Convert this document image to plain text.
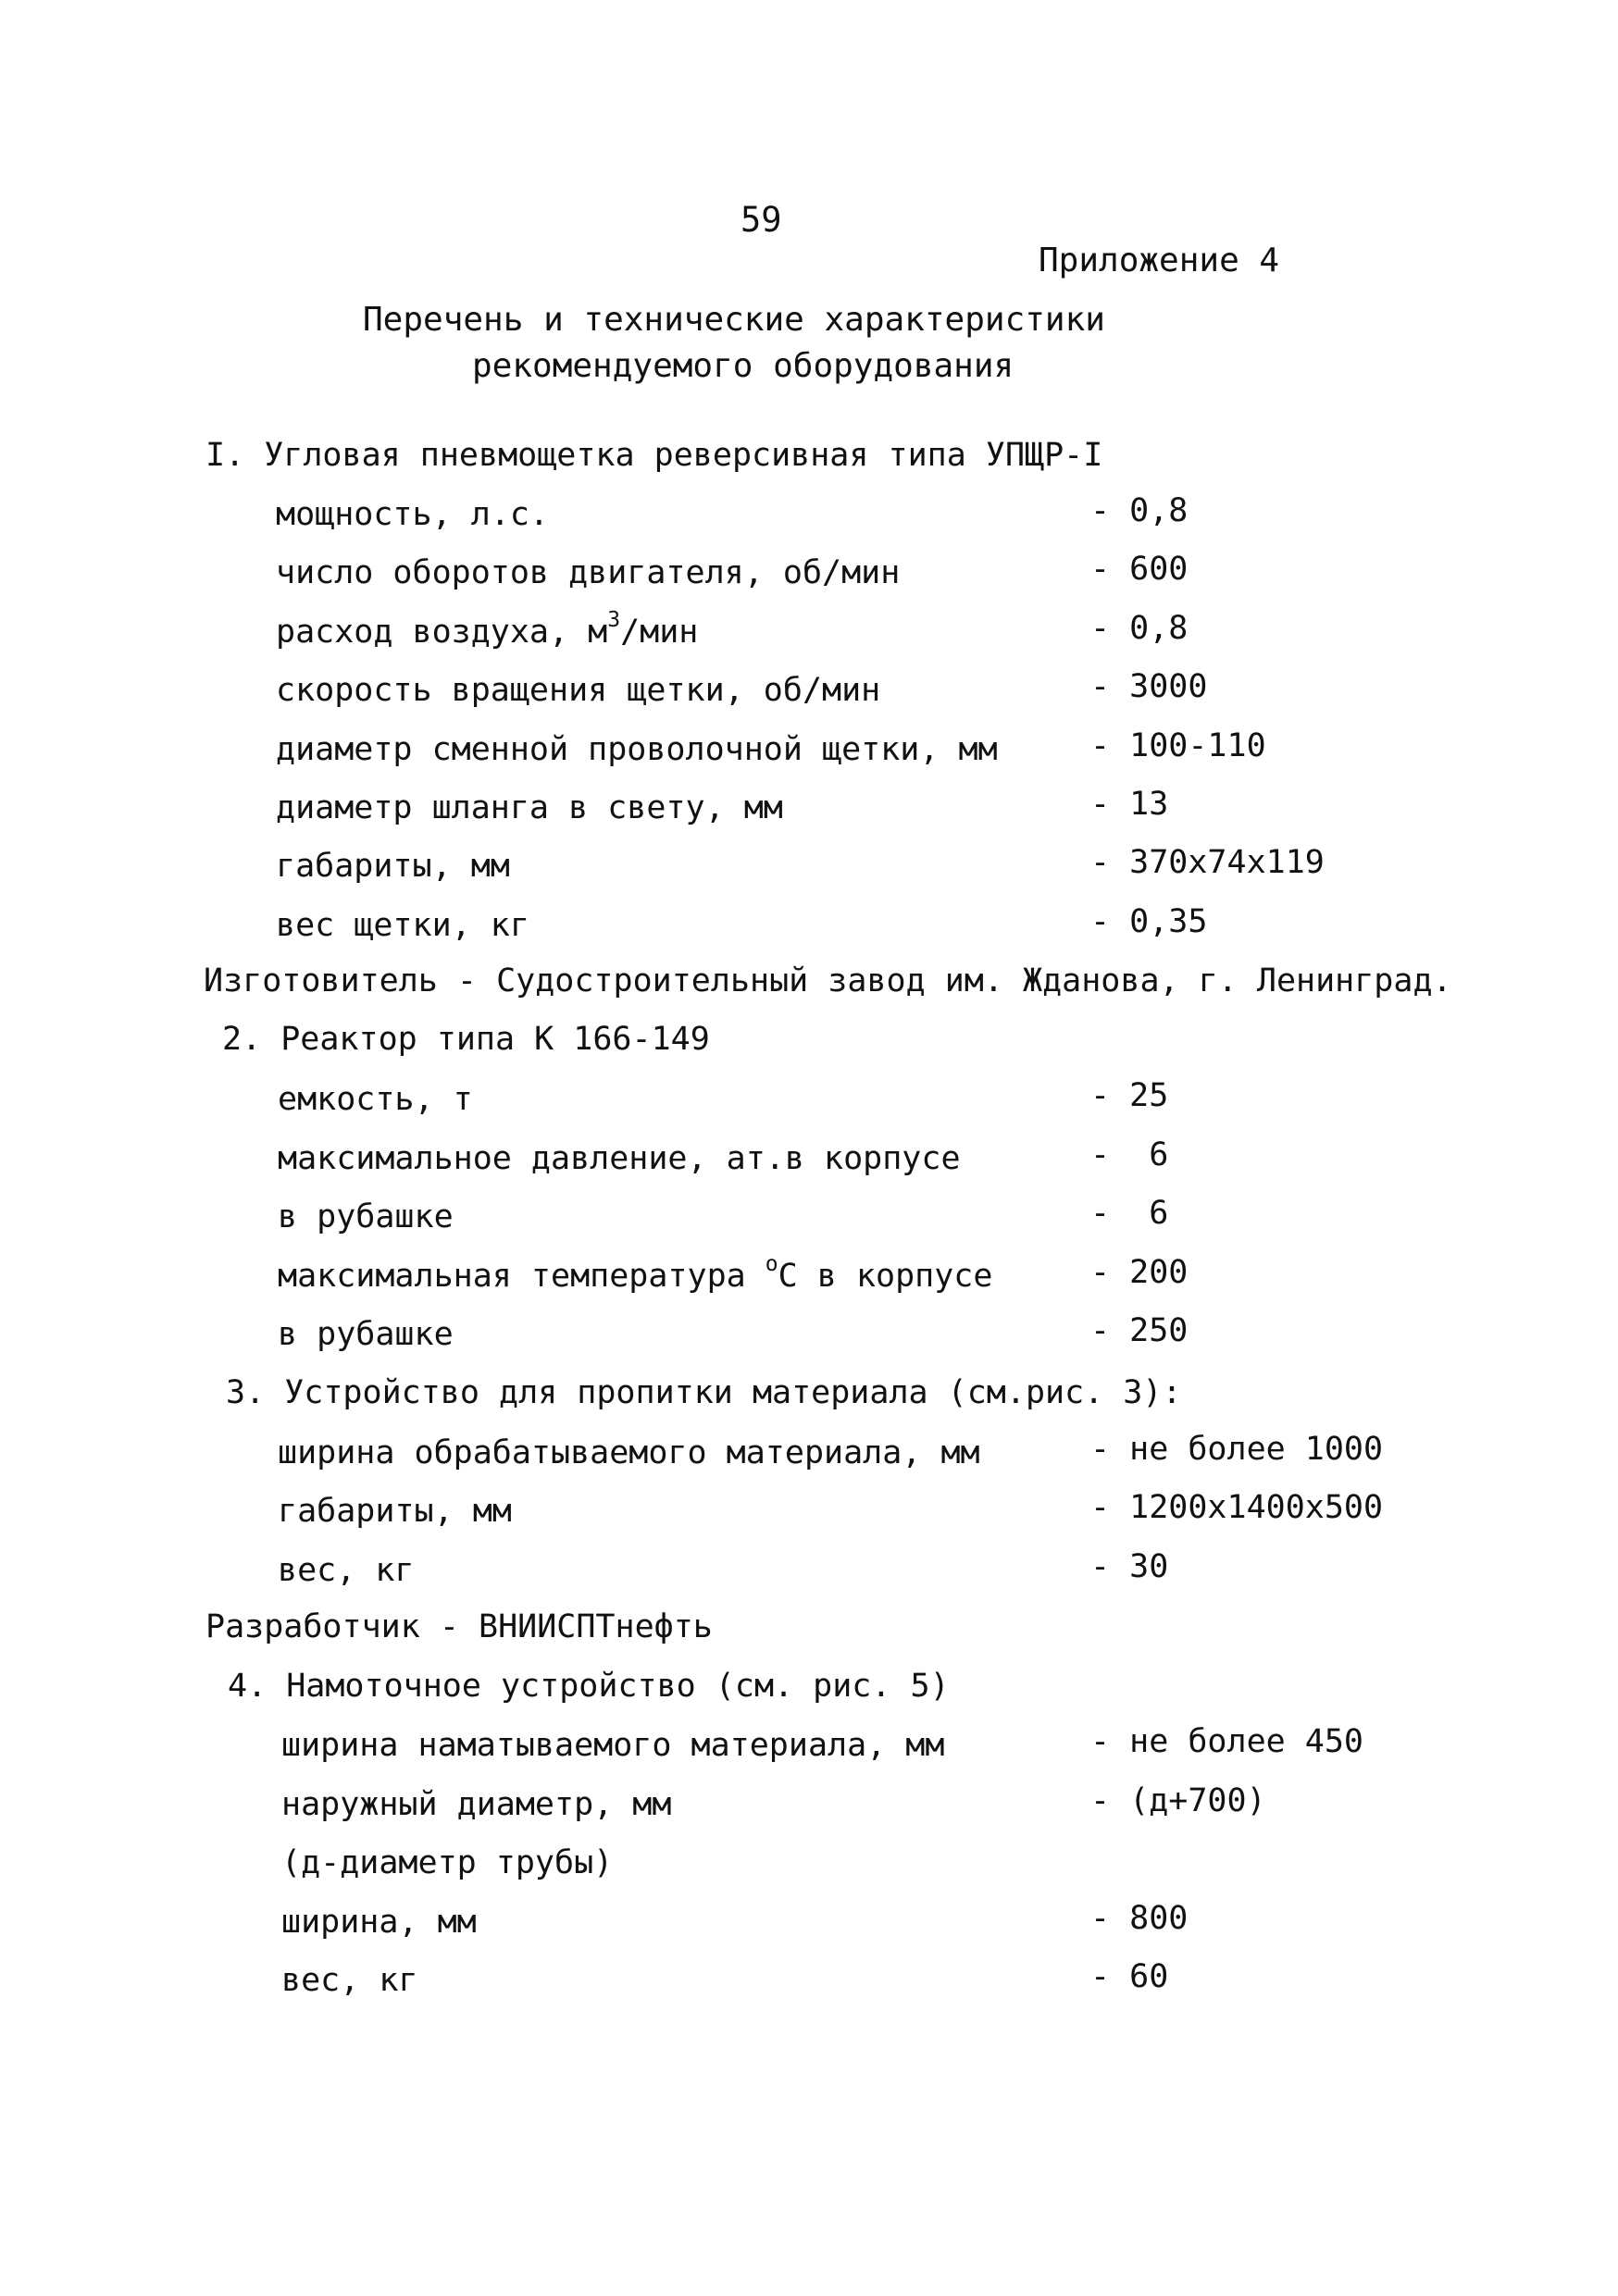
59
Приложение 4
Перечень и технические характеристики
рекомендуемого оборудования
I. Угловая пневмощетка реверсивная типа УПЩР-I
мощность, л.с.	- 0,8
число оборотов двигателя, об/мин	- 600
расход воздуха, $м^3$/мин	- 0,8
скорость вращения щетки, об/мин	- 3000
диаметр сменной проволочной щетки, мм	- 100-110
диаметр шланга в свету, мм	- 13
габариты, мм	- 370x74x119
вес щетки, кг	- 0,35
Изготовитель - Судостроительный завод им. Жданова, г. Ленинград.
2. Реактор типа К 166-149
емкость, т	- 25
максимальное давление, ат.в корпусе	-  6
в рубашке	-  6
максимальная температура $^о$С в корпусе	- 200
в рубашке	- 250
3. Устройство для пропитки материала (см.рис. 3):
ширина обрабатываемого материала, мм	- не более 1000
габариты, мм	- 1200x1400x500
вес, кг	- 30
Разработчик - ВНИИСПТнефть
4. Намоточное устройство (см. рис. 5)
ширина наматываемого материала, мм	- не более 450
наружный диаметр, мм	- (д+700)
(д-диаметр трубы)
ширина, мм	- 800
вес, кг	- 60
